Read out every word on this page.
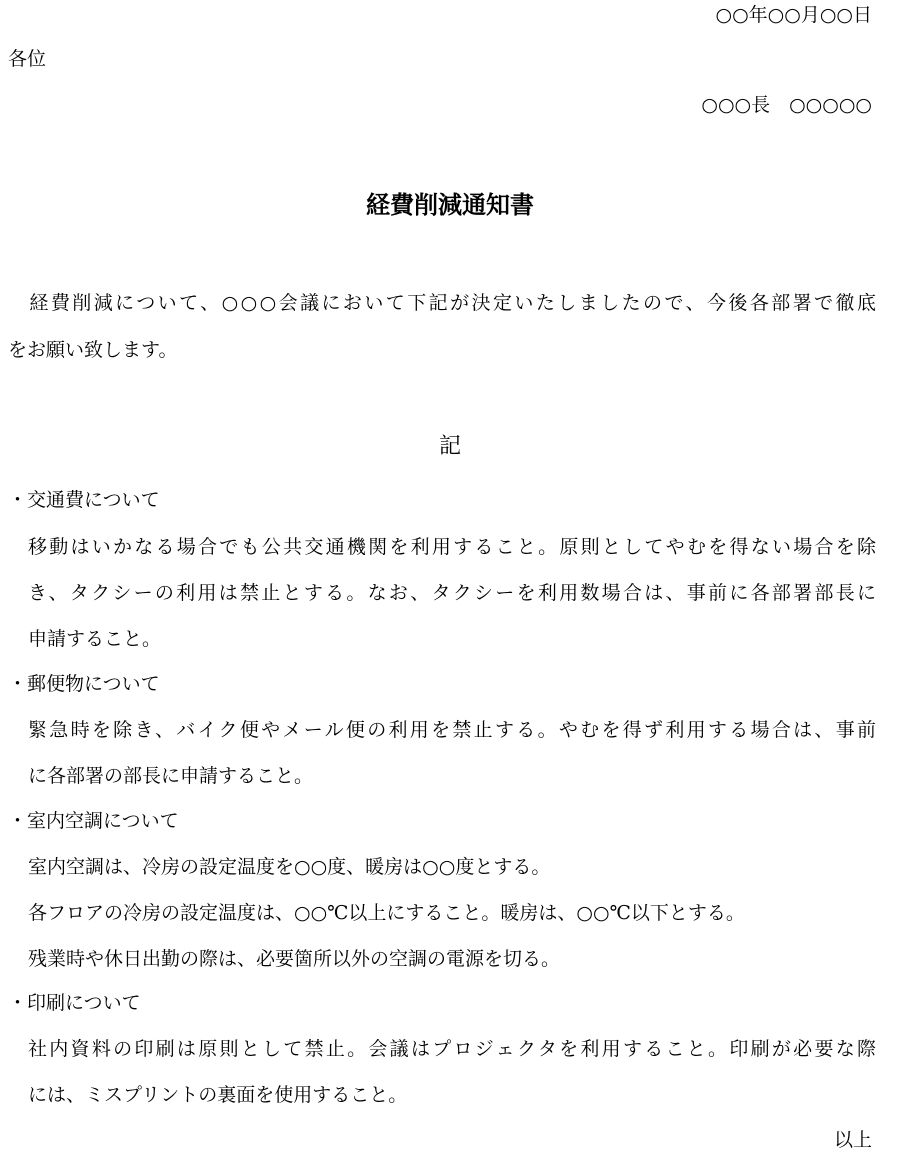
○○年○○月○○日
各位
○○○長　○○○○○
経費削減通知書
　経費削減について、○○○会議において下記が決定いたしましたので、今後各部署で徹底
をお願い致します。
記
・交通費について
移動はいかなる場合でも公共交通機関を利用すること。原則としてやむを得ない場合を除
き、タクシーの利用は禁止とする。なお、タクシーを利用数場合は、事前に各部署部長に
申請すること。
・郵便物について
緊急時を除き、バイク便やメール便の利用を禁止する。やむを得ず利用する場合は、事前
に各部署の部長に申請すること。
・室内空調について
室内空調は、冷房の設定温度を○○度、暖房は○○度とする。
各フロアの冷房の設定温度は、○○℃以上にすること。暖房は、○○℃以下とする。
残業時や休日出勤の際は、必要箇所以外の空調の電源を切る。
・印刷について
社内資料の印刷は原則として禁止。会議はプロジェクタを利用すること。印刷が必要な際
には、ミスプリントの裏面を使用すること。
以上
